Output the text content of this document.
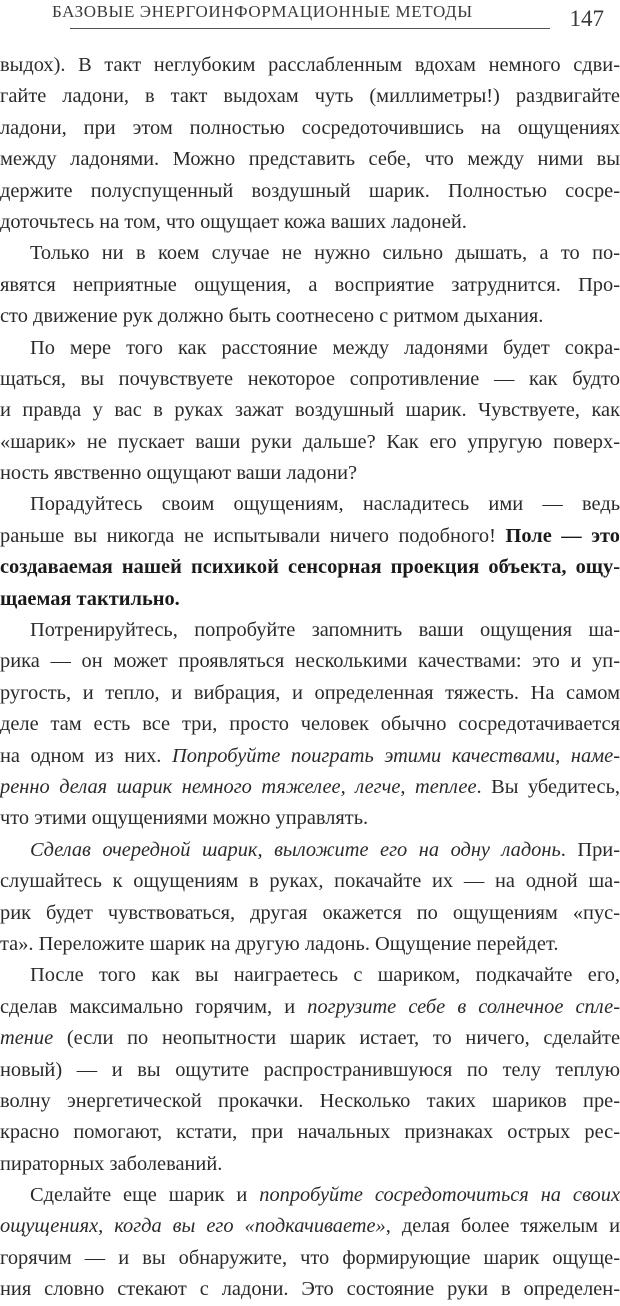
БАЗОВЫЕ ЭНЕРГОИНФОРМАЦИОННЫЕ МЕТОДЫ	147
выдох). В такт неглубоким расслабленным вдохам немного сдви-
гайте ладони, в такт выдохам чуть (миллиметры!) раздвигайте
ладони, при этом полностью сосредоточившись на ощущениях
между ладонями. Можно представить себе, что между ними вы
держите полуспущенный воздушный шарик. Полностью сосре-
доточьтесь на том, что ощущает кожа ваших ладоней.
Только ни в коем случае не нужно сильно дышать, а то по-
явятся неприятные ощущения, а восприятие затруднится. Про-
сто движение рук должно быть соотнесено с ритмом дыхания.
По мере того как расстояние между ладонями будет сокра-
щаться, вы почувствуете некоторое сопротивление — как будто
и правда у вас в руках зажат воздушный шарик. Чувствуете, как
«шарик» не пускает ваши руки дальше? Как его упругую поверх-
ность явственно ощущают ваши ладони?
Порадуйтесь своим ощущениям, насладитесь ими — ведь
раньше вы никогда не испытывали ничего подобного! Поле — это
создаваемая нашей психикой сенсорная проекция объекта, ощу-
щаемая тактильно.
Потренируйтесь, попробуйте запомнить ваши ощущения ша-
рика — он может проявляться несколькими качествами: это и уп-
ругость, и тепло, и вибрация, и определенная тяжесть. На самом
деле там есть все три, просто человек обычно сосредотачивается
на одном из них. Попробуйте поиграть этими качествами, наме-
ренно делая шарик немного тяжелее, легче, теплее. Вы убедитесь,
что этими ощущениями можно управлять.
Сделав очередной шарик, выложите его на одну ладонь. При-
слушайтесь к ощущениям в руках, покачайте их — на одной ша-
рик будет чувствоваться, другая окажется по ощущениям «пус-
та». Переложите шарик на другую ладонь. Ощущение перейдет.
После того как вы наиграетесь с шариком, подкачайте его,
сделав максимально горячим, и погрузите себе в солнечное спле-
тение (если по неопытности шарик истает, то ничего, сделайте
новый) — и вы ощутите распространившуюся по телу теплую
волну энергетической прокачки. Несколько таких шариков пре-
красно помогают, кстати, при начальных признаках острых рес-
пираторных заболеваний.
Сделайте еще шарик и попробуйте сосредоточиться на своих
ощущениях, когда вы его «подкачиваете», делая более тяжелым и
горячим — и вы обнаружите, что формирующие шарик ощуще-
ния словно стекают с ладони. Это состояние руки в определен-
